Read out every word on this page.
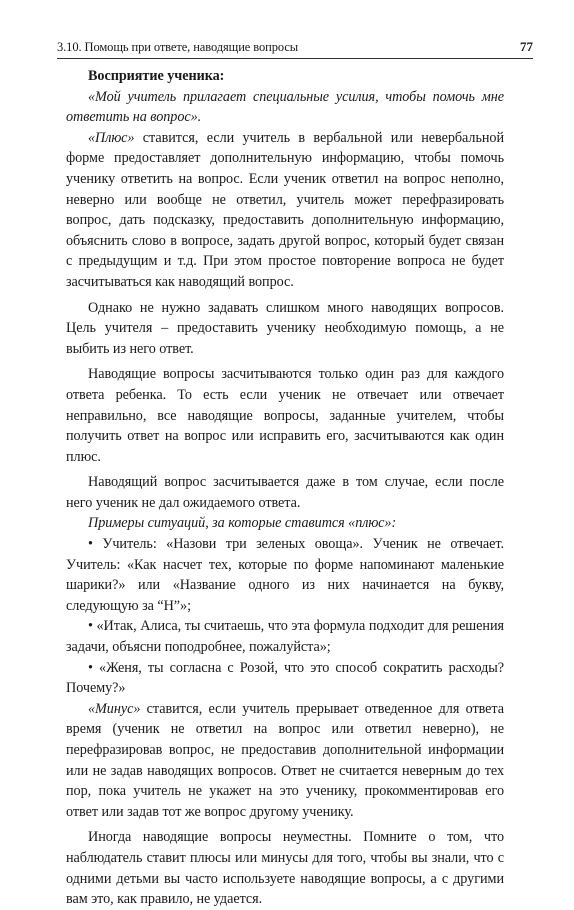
3.10. Помощь при ответе, наводящие вопросы	77

Восприятие ученика:

«Мой учитель прилагает специальные усилия, чтобы помочь мне ответить на вопрос».

«Плюс» ставится, если учитель в вербальной или невербальной форме предоставляет дополнительную информацию, чтобы помочь ученику ответить на вопрос. Если ученик ответил на вопрос неполно, неверно или вообще не ответил, учитель может перефразировать вопрос, дать подсказку, предоставить дополнительную информацию, объяснить слово в вопросе, задать другой вопрос, который будет связан с предыдущим и т.д. При этом простое повторение вопроса не будет засчитываться как наводящий вопрос.

Однако не нужно задавать слишком много наводящих вопросов. Цель учителя – предоставить ученику необходимую помощь, а не выбить из него ответ.

Наводящие вопросы засчитываются только один раз для каждого ответа ребенка. То есть если ученик не отвечает или отвечает неправильно, все наводящие вопросы, заданные учителем, чтобы получить ответ на вопрос или исправить его, засчитываются как один плюс.

Наводящий вопрос засчитывается даже в том случае, если после него ученик не дал ожидаемого ответа.

Примеры ситуаций, за которые ставится «плюс»:

• Учитель: «Назови три зеленых овоща». Ученик не отвечает. Учитель: «Как насчет тех, которые по форме напоминают маленькие шарики?» или «Название одного из них начинается на букву, следующую за “Н”»;

• «Итак, Алиса, ты считаешь, что эта формула подходит для решения задачи, объясни поподробнее, пожалуйста»;

• «Женя, ты согласна с Розой, что это способ сократить расходы? Почему?»

«Минус» ставится, если учитель прерывает отведенное для ответа время (ученик не ответил на вопрос или ответил неверно), не перефразировав вопрос, не предоставив дополнительной информации или не задав наводящих вопросов. Ответ не считается неверным до тех пор, пока учитель не укажет на это ученику, прокомментировав его ответ или задав тот же вопрос другому ученику.

Иногда наводящие вопросы неуместны. Помните о том, что наблюдатель ставит плюсы или минусы для того, чтобы вы знали, что с одними детьми вы часто используете наводящие вопросы, а с другими вам это, как правило, не удается.
